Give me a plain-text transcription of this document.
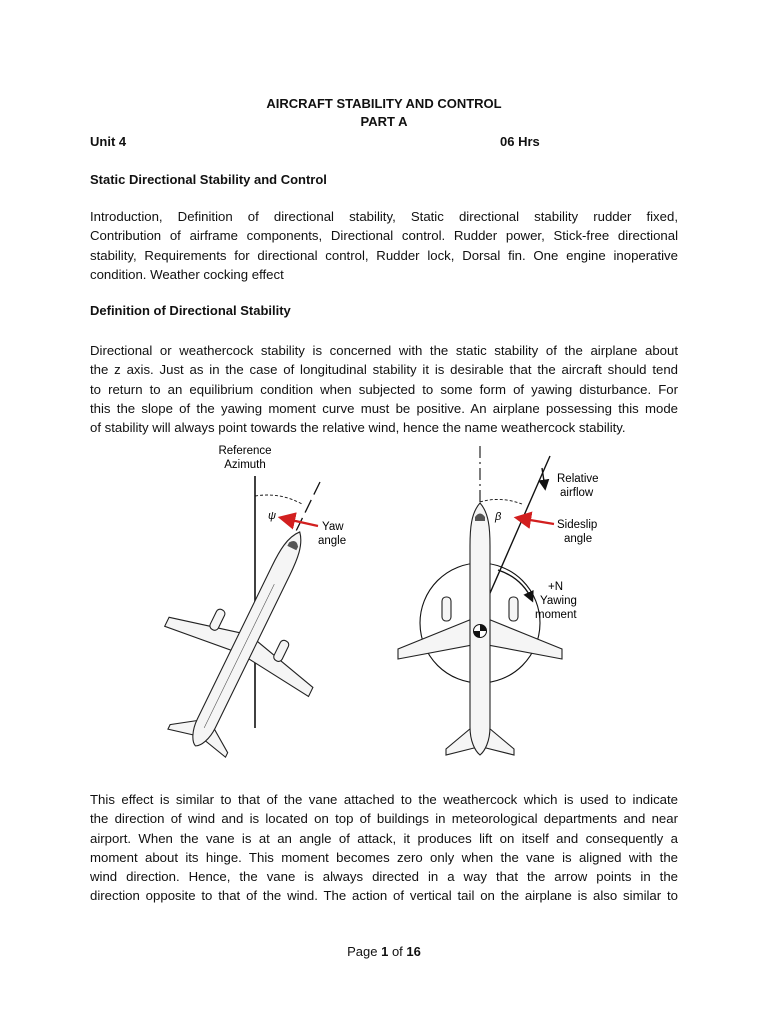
AIRCRAFT STABILITY AND CONTROL
PART A
Unit 4	06 Hrs
Static Directional Stability and Control

Introduction, Definition of directional stability, Static directional stability rudder fixed,
Contribution of airframe components, Directional control. Rudder power, Stick-free directional
stability, Requirements for directional control, Rudder lock, Dorsal fin. One engine inoperative
condition. Weather cocking effect

Definition of Directional Stability

Directional or weathercock stability is concerned with the static stability of the airplane about
the z axis. Just as in the case of longitudinal stability it is desirable that the aircraft should tend
to return to an equilibrium condition when subjected to some form of yawing disturbance. For
this the slope of the yawing moment curve must be positive. An airplane possessing this mode
of stability will always point towards the relative wind, hence the name weathercock stability.

Reference
Azimuth
ψ
Yaw
angle
Relative
airflow
β
Sideslip
angle
+N
Yawing
moment

This effect is similar to that of the vane attached to the weathercock which is used to indicate
the direction of wind and is located on top of buildings in meteorological departments and near
airport. When the vane is at an angle of attack, it produces lift on itself and consequently a
moment about its hinge. This moment becomes zero only when the vane is aligned with the
wind direction. Hence, the vane is always directed in a way that the arrow points in the
direction opposite to that of the wind. The action of vertical tail on the airplane is also similar to

Page 1 of 16
